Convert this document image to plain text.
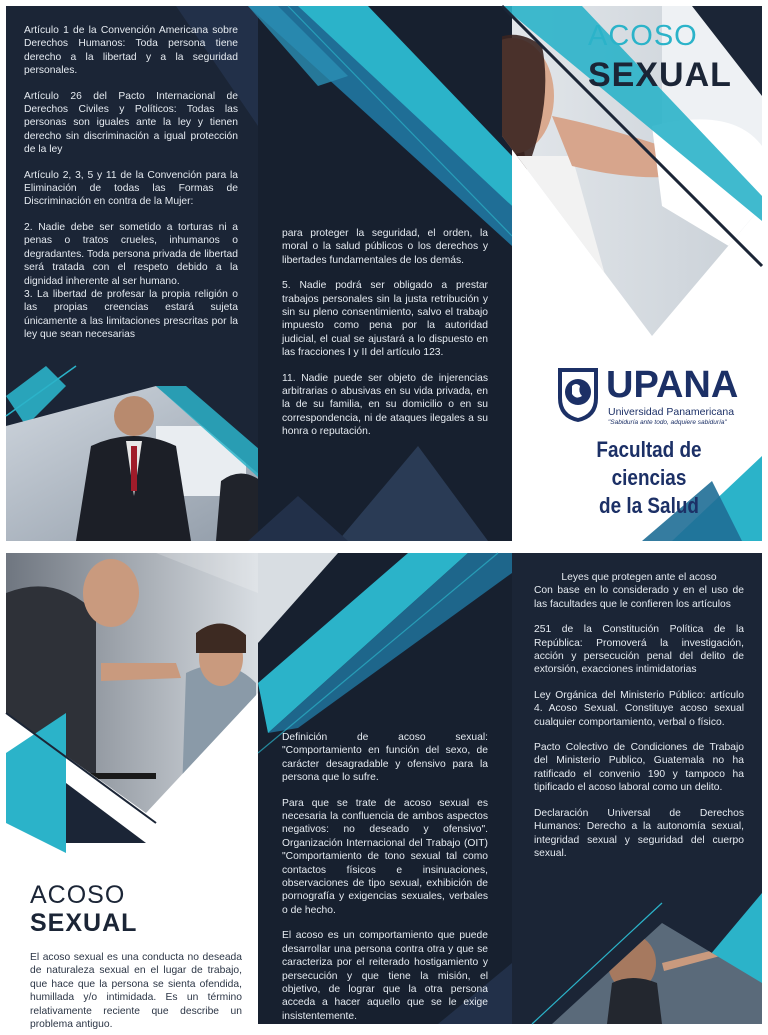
Artículo 1 de la Convención Americana sobre Derechos Humanos: Toda persona tiene derecho a la libertad y a la seguridad personales.

Artículo 26 del Pacto Internacional de Derechos Civiles y Políticos: Todas las personas son iguales ante la ley y tienen derecho sin discriminación a igual protección de la ley

Artículo 2, 3, 5 y 11 de la Convención para la Eliminación de todas las Formas de Discriminación en contra de la Mujer:

2. Nadie debe ser sometido a torturas ni a penas o tratos crueles, inhumanos o degradantes. Toda persona privada de libertad será tratada con el respeto debido a la dignidad inherente al ser humano.

3. La libertad de profesar la propia religión o las propias creencias estará sujeta únicamente a las limitaciones prescritas por la ley que sean necesarias

para proteger la seguridad, el orden, la moral o la salud públicos o los derechos y libertades fundamentales de los demás.

5. Nadie podrá ser obligado a prestar trabajos personales sin la justa retribución y sin su pleno consentimiento, salvo el trabajo impuesto como pena por la autoridad judicial, el cual se ajustará a lo dispuesto en las fracciones I y II del artículo 123.

11. Nadie puede ser objeto de injerencias arbitrarias o abusivas en su vida privada, en la de su familia, en su domicilio o en su correspondencia, ni de ataques ilegales a su honra o reputación.

ACOSO
SEXUAL
UPANA
Universidad Panamericana
"Sabiduría ante todo, adquiere sabiduría"
Facultad de ciencias
de la Salud
ACOSO
SEXUAL
El acoso sexual es una conducta no deseada de naturaleza sexual en el lugar de trabajo, que hace que la persona se sienta ofendida, humillada y/o intimidada. Es un término relativamente reciente que describe un problema antiguo.

Definición de acoso sexual: "Comportamiento en función del sexo, de carácter desagradable y ofensivo para la persona que lo sufre.

Para que se trate de acoso sexual es necesaria la confluencia de ambos aspectos negativos: no deseado y ofensivo". Organización Internacional del Trabajo (OIT) "Comportamiento de tono sexual tal como contactos físicos e insinuaciones, observaciones de tipo sexual, exhibición de pornografía y exigencias sexuales, verbales o de hecho.

El acoso es un comportamiento que puede desarrollar una persona contra otra y que se caracteriza por el reiterado hostigamiento y persecución y que tiene la misión, el objetivo, de lograr que la otra persona acceda a hacer aquello que se le exige insistentemente.

Leyes que protegen ante el acoso

Con base en lo considerado y en el uso de las facultades que le confieren los artículos

251 de la Constitución Política de la República: Promoverá la investigación, acción y persecución penal del delito de extorsión, exacciones intimidatorias

Ley Orgánica del Ministerio Público: artículo 4. Acoso Sexual. Constituye acoso sexual cualquier comportamiento, verbal o físico.

Pacto Colectivo de Condiciones de Trabajo del Ministerio Publico, Guatemala no ha ratificado el convenio 190 y tampoco ha tipificado el acoso laboral como un delito.

Declaración Universal de Derechos Humanos: Derecho a la autonomía sexual, integridad sexual y seguridad del cuerpo sexual.
